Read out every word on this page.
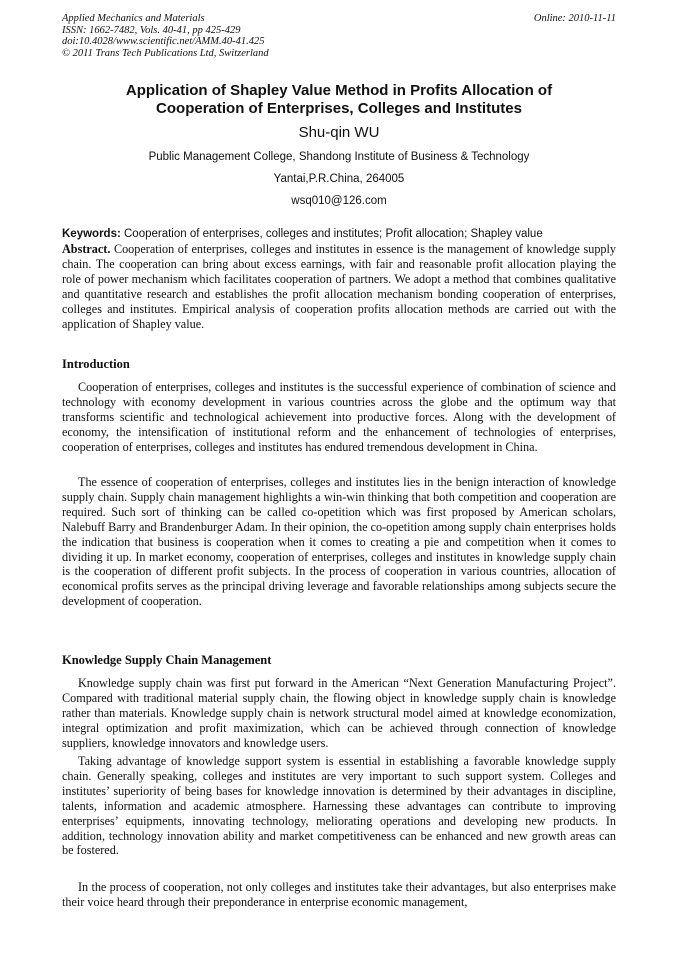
Applied Mechanics and Materials
ISSN: 1662-7482, Vols. 40-41, pp 425-429
doi:10.4028/www.scientific.net/AMM.40-41.425
© 2011 Trans Tech Publications Ltd, Switzerland
Online: 2010-11-11
Application of Shapley Value Method in Profits Allocation of
Cooperation of Enterprises, Colleges and Institutes
Shu-qin WU
Public Management College, Shandong Institute of Business & Technology
Yantai,P.R.China, 264005
wsq010@126.com
Keywords: Cooperation of enterprises, colleges and institutes; Profit allocation; Shapley value
Abstract. Cooperation of enterprises, colleges and institutes in essence is the management of knowledge supply chain. The cooperation can bring about excess earnings, with fair and reasonable profit allocation playing the role of power mechanism which facilitates cooperation of partners. We adopt a method that combines qualitative and quantitative research and establishes the profit allocation mechanism bonding cooperation of enterprises, colleges and institutes. Empirical analysis of cooperation profits allocation methods are carried out with the application of Shapley value.
Introduction
Cooperation of enterprises, colleges and institutes is the successful experience of combination of science and technology with economy development in various countries across the globe and the optimum way that transforms scientific and technological achievement into productive forces. Along with the development of economy, the intensification of institutional reform and the enhancement of technologies of enterprises, cooperation of enterprises, colleges and institutes has endured tremendous development in China.
The essence of cooperation of enterprises, colleges and institutes lies in the benign interaction of knowledge supply chain. Supply chain management highlights a win-win thinking that both competition and cooperation are required. Such sort of thinking can be called co-opetition which was first proposed by American scholars, Nalebuff Barry and Brandenburger Adam. In their opinion, the co-opetition among supply chain enterprises holds the indication that business is cooperation when it comes to creating a pie and competition when it comes to dividing it up. In market economy, cooperation of enterprises, colleges and institutes in knowledge supply chain is the cooperation of different profit subjects. In the process of cooperation in various countries, allocation of economical profits serves as the principal driving leverage and favorable relationships among subjects secure the development of cooperation.
Knowledge Supply Chain Management
Knowledge supply chain was first put forward in the American “Next Generation Manufacturing Project”. Compared with traditional material supply chain, the flowing object in knowledge supply chain is knowledge rather than materials. Knowledge supply chain is network structural model aimed at knowledge economization, integral optimization and profit maximization, which can be achieved through connection of knowledge suppliers, knowledge innovators and knowledge users.
Taking advantage of knowledge support system is essential in establishing a favorable knowledge supply chain. Generally speaking, colleges and institutes are very important to such support system. Colleges and institutes’ superiority of being bases for knowledge innovation is determined by their advantages in discipline, talents, information and academic atmosphere. Harnessing these advantages can contribute to improving enterprises’ equipments, innovating technology, meliorating operations and developing new products. In addition, technology innovation ability and market competitiveness can be enhanced and new growth areas can be fostered.
In the process of cooperation, not only colleges and institutes take their advantages, but also enterprises make their voice heard through their preponderance in enterprise economic management,
